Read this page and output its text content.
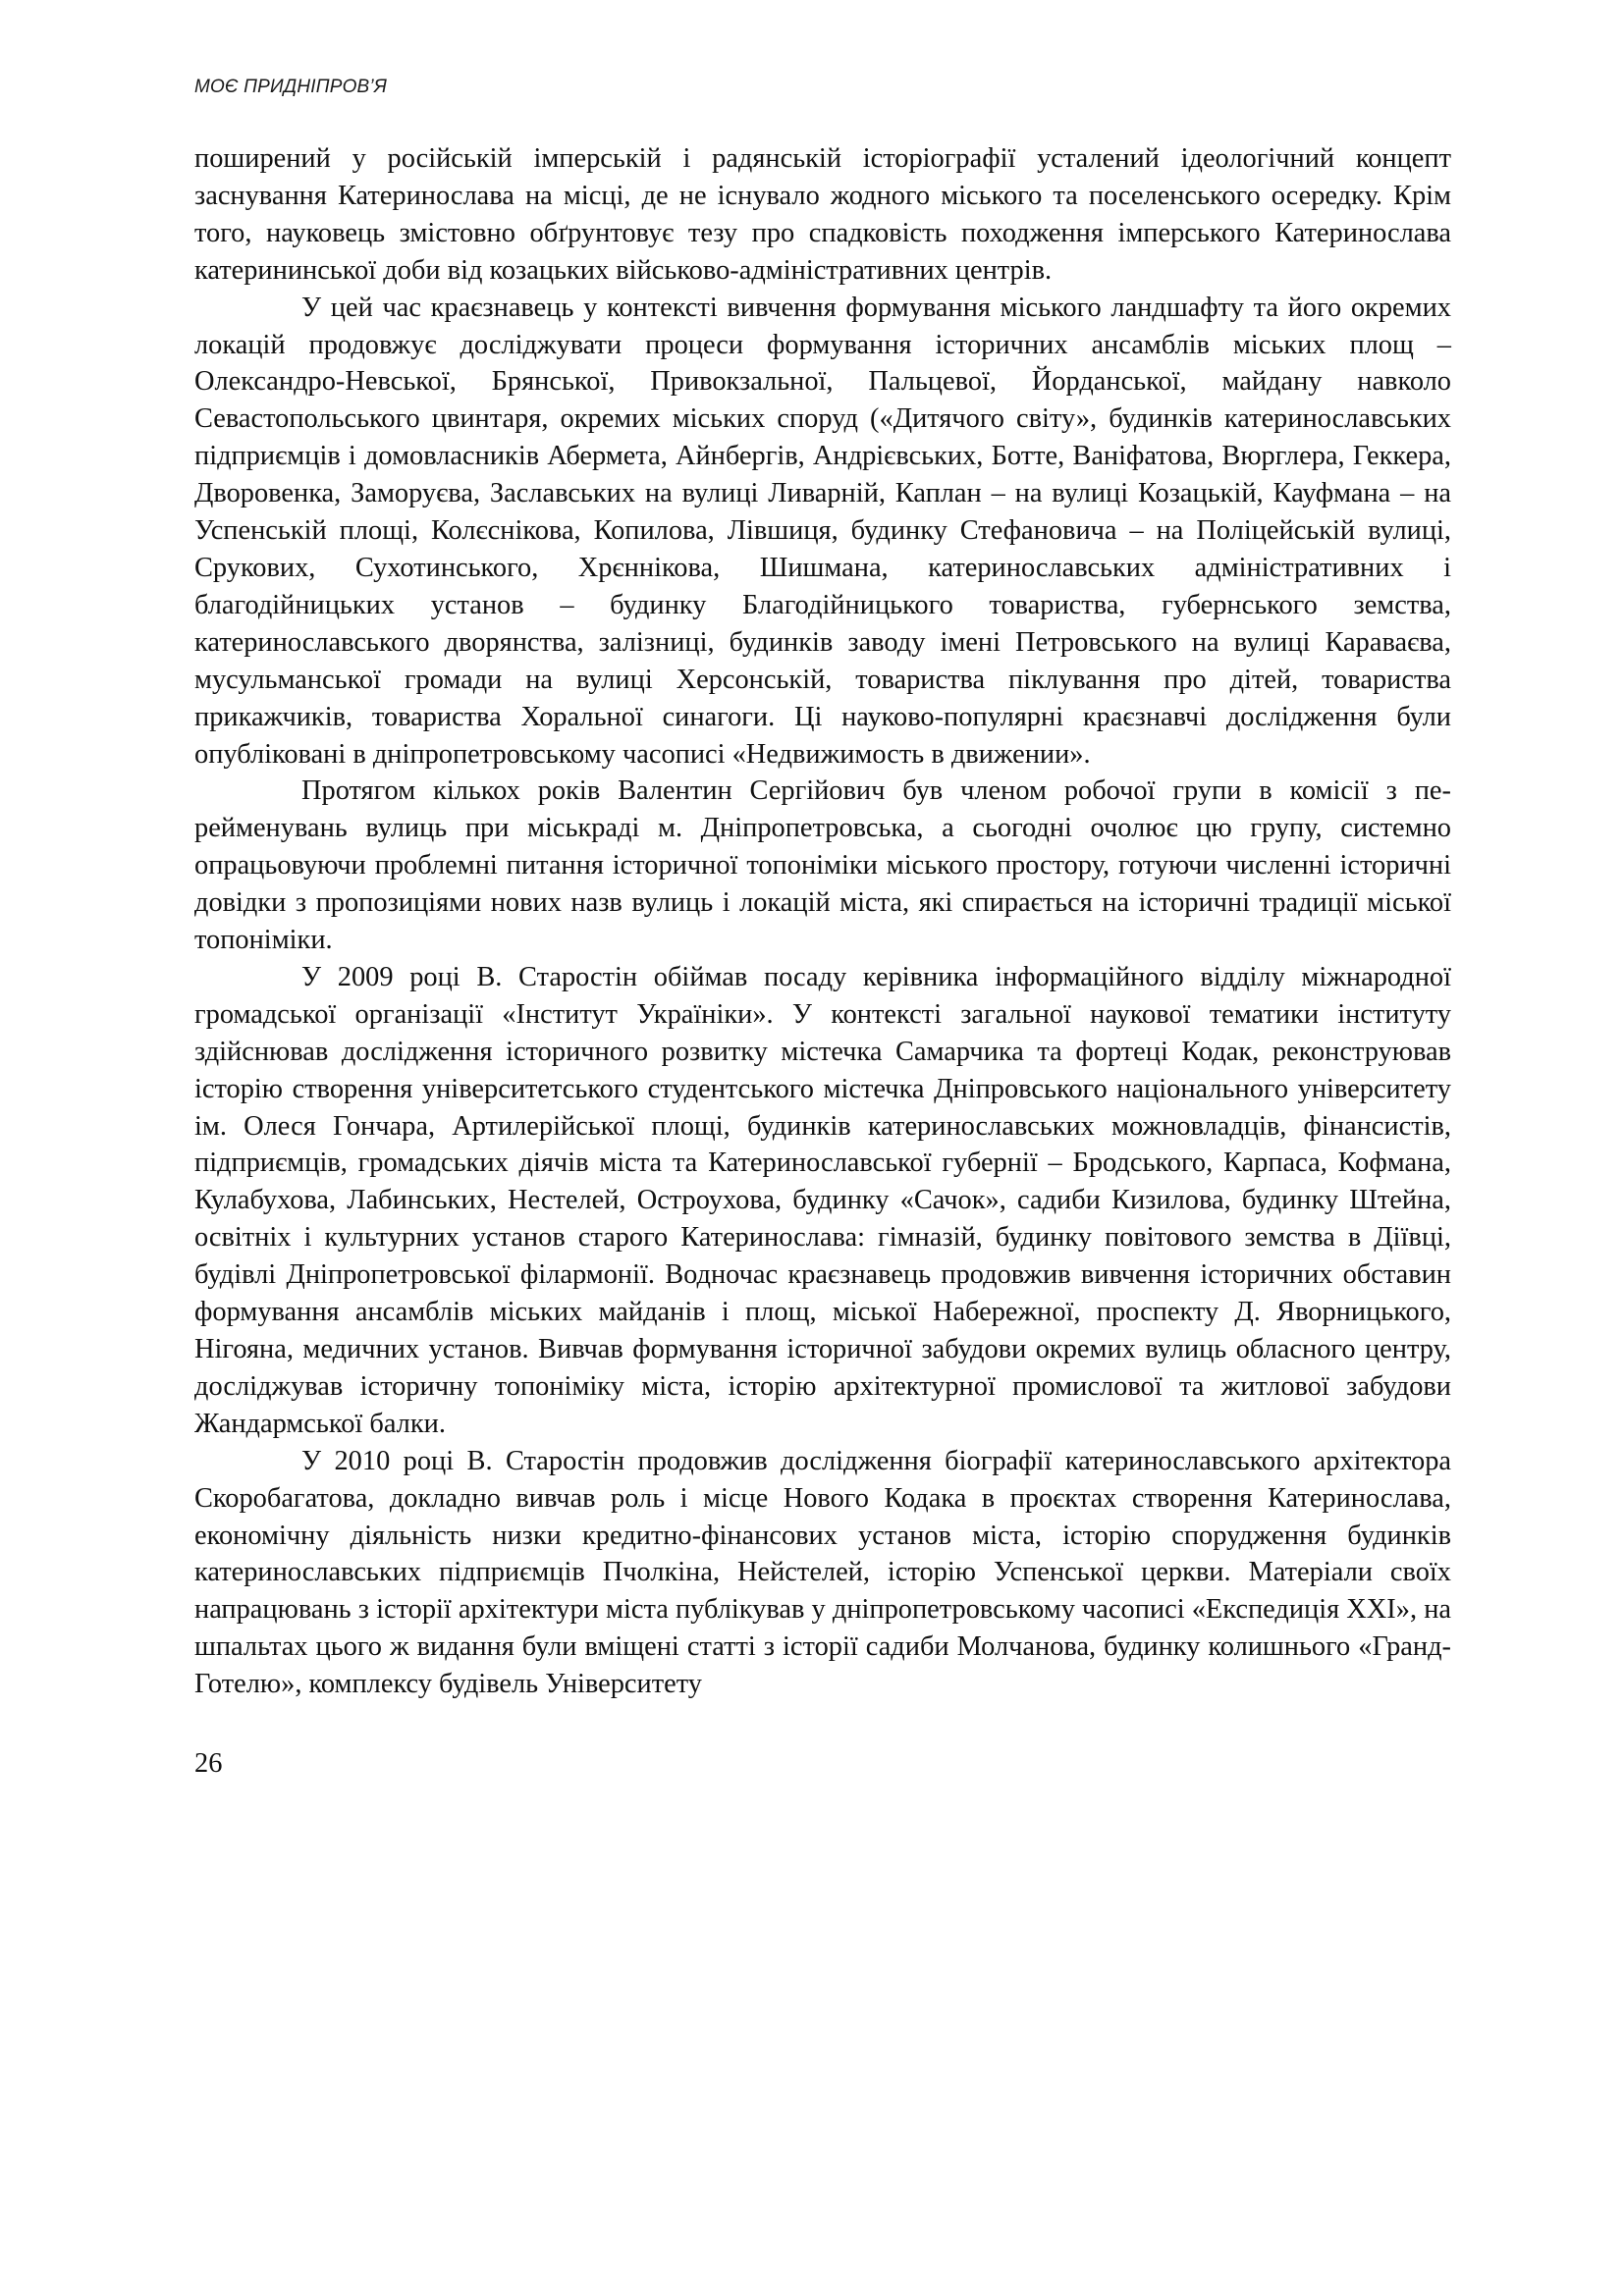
МОЄ ПРИДНІПРОВ’Я

поширений у російській імперській і радянській історіографії усталений ідеологічний концепт заснування Катеринослава на місці, де не існувало жодного міського та поселенського осередку. Крім того, науковець змістовно обґрунтовує тезу про спадковість походження імперського Катеринослава катерининської доби від козацьких військово-адміністративних центрів.

У цей час краєзнавець у контексті вивчення формування міського ландшафту та його окремих локацій продовжує досліджувати процеси формування історичних ансамблів міських площ – Олександро-Невської, Брянської, Привокзальної, Пальцевої, Йорданської, майдану навколо Севастопольського цвинтаря, окремих міських споруд («Дитячого світу», будинків катеринославських підприємців і домовласників Абермета, Айнбергів, Андрієвських, Ботте, Ваніфатова, Вюрглера, Геккера, Дворовенка, Заморуєва, Заславських на вулиці Ливарній, Каплан – на вулиці Козацькій, Кауфмана – на Успенській площі, Колєснікова, Копилова, Лівшиця, будинку Стефановича – на Поліцейській вулиці, Срукових, Сухотинського, Хрєннікова, Шишмана, катеринославських адміністративних і благодійницьких установ – будинку Благодійницького товариства, губернського земства, катеринославського дворянства, залізниці, будинків заводу імені Петровського на вулиці Караваєва, мусульманської громади на вулиці Херсонській, товариства піклування про дітей, товариства прикажчиків, товариства Хоральної синагоги. Ці науково-популярні краєзнавчі дослідження були опубліковані в дніпропетровському часописі «Недвижимость в движении».

Протягом кількох років Валентин Сергійович був членом робочої групи в комісії з перейменувань вулиць при міськраді м. Дніпропетровська, а сьогодні очолює цю групу, системно опрацьовуючи проблемні питання історичної топоніміки міського простору, готуючи численні історичні довідки з пропозиціями нових назв вулиць і локацій міста, які спирається на історичні традиції міської топоніміки.

У 2009 році В. Старостін обіймав посаду керівника інформаційного відділу міжнародної громадської організації «Інститут Україніки». У контексті загальної наукової тематики інституту здійснював дослідження історичного розвитку містечка Самарчика та фортеці Кодак, реконструював історію створення університетського студентського містечка Дніпровського національного університету ім. Олеся Гончара, Артилерійської площі, будинків катеринославських можновладців, фінансистів, підприємців, громадських діячів міста та Катеринославської губернії – Бродського, Карпаса, Кофмана, Кулабухова, Лабинських, Нестелей, Остроухова, будинку «Сачок», садиби Кизилова, будинку Штейна, освітніх і культурних установ старого Катеринослава: гімназій, будинку повітового земства в Діївці, будівлі Дніпропетровської філармонії. Водночас краєзнавець продовжив вивчення історичних обставин формування ансамблів міських майданів і площ, міської Набережної, проспекту Д. Яворницького, Нігояна, медичних установ. Вивчав формування історичної забудови окремих вулиць обласного центру, досліджував історичну топоніміку міста, історію архітектурної промислової та житлової забудови Жандармської балки.

У 2010 році В. Старостін продовжив дослідження біографії катеринославського архітектора Скоробагатова, докладно вивчав роль і місце Нового Кодака в проєктах створення Катеринослава, економічну діяльність низки кредитно-фінансових установ міста, історію спорудження будинків катеринославських підприємців Пчолкіна, Нейстелей, історію Успенської церкви. Матеріали своїх напрацювань з історії архітектури міста публікував у дніпропетровському часописі «Експедиція ХХІ», на шпальтах цього ж видання були вміщені статті з історії садиби Молчанова, будинку колишнього «Гранд-Готелю», комплексу будівель Університету

26
